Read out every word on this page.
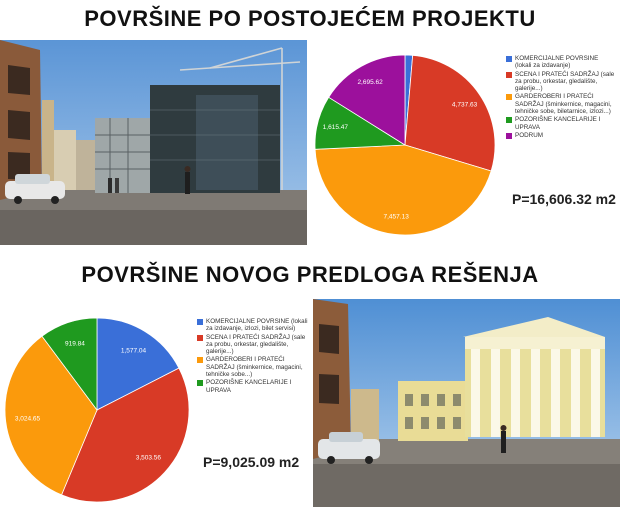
POVRŠINE PO POSTOJEĆEM PROJEKTU
POVRŠINE NOVOG PREDLOGA REŠENJA
4,737.63
7,457.13
1,615.47
2,695.62
KOMERCIJALNE POVRSINE (lokali za izdavanje)
SCENA I PRATEĆI SADRŽAJ (sale za probu, orkestar, gledalište, galerije...)
GARDEROBERI I PRATEĆI SADRŽAJ (šminkernice, magacini, tehničke sobe, biletarnice, izlozi...)
POZORIŠNE KANCELARIJE I UPRAVA
PODRUM
P=16,606.32 m2
1,577.04
3,503.56
3,024.65
919.84
KOMERCIJALNE POVRSINE (lokali za izdavanje, izlozi, bilet servisi)
SCENA I PRATEĆI SADRŽAJ (sale za probu, orkestar, gledalište, galerije...)
GARDEROBERI I PRATEĆI SADRŽAJ (šminkernice, magacini, tehničke sobe...)
POZORIŠNE KANCELARIJE I UPRAVA
P=9,025.09 m2
